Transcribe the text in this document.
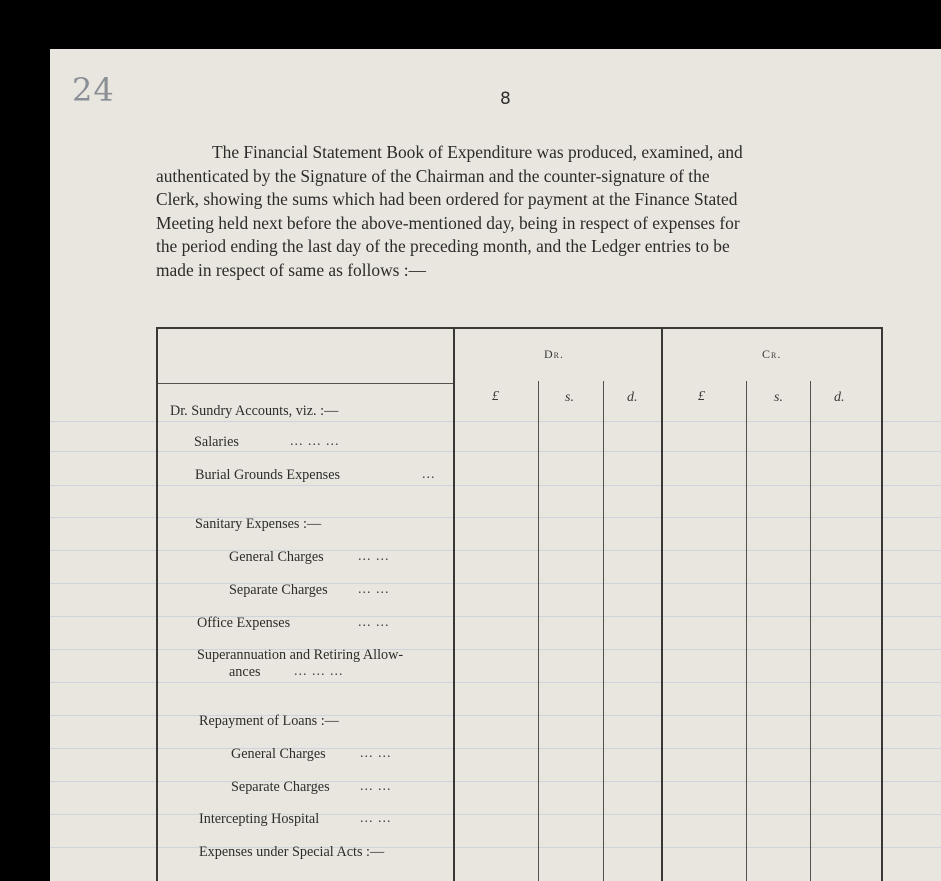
24	8
The Financial Statement Book of Expenditure was produced, examined, and
authenticated by the Signature of the Chairman and the counter-signature of the
Clerk, showing the sums which had been ordered for payment at the Finance Stated
Meeting held next before the above-mentioned day, being in respect of expenses for
the period ending the last day of the preceding month, and the Ledger entries to be
made in respect of same as follows :—
Dr.	Cr.
£	s.	d.	£	s.	d.
Dr. Sundry Accounts, viz. :—
Salaries	... ... ...
Burial Grounds Expenses	...
Sanitary Expenses :—
General Charges ... ...
Separate Charges ... ...
Office Expenses	... ...
Superannuation and Retiring Allow-
ances ... ... ...
Repayment of Loans :—
General Charges ... ...
Separate Charges ... ...
Intercepting Hospital	... ...
Expenses under Special Acts :—
